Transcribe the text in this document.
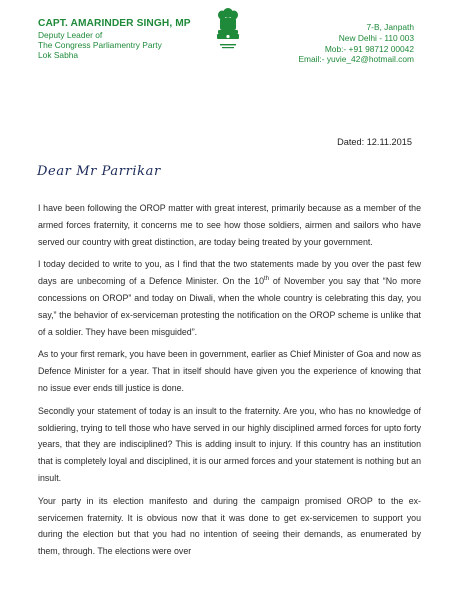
CAPT. AMARINDER SINGH, MP
Deputy Leader of
The Congress Parliamentry Party
Lok Sabha
7-B, Janpath
New Delhi - 110 003
Mob:- +91 98712 00042
Email:- yuvie_42@hotmail.com
Dated: 12.11.2015
Dear Mr Parrikar

I have been following the OROP matter with great interest, primarily because as a member of the armed forces fraternity, it concerns me to see how those soldiers, airmen and sailors who have served our country with great distinction, are today being treated by your government.

I today decided to write to you, as I find that the two statements made by you over the past few days are unbecoming of a Defence Minister. On the 10th of November you say that “No more concessions on OROP” and today on Diwali, when the whole country is celebrating this day, you say,” the behavior of ex-serviceman protesting the notification on the OROP scheme is unlike that of a soldier. They have been misguided”.

As to your first remark, you have been in government, earlier as Chief Minister of Goa and now as Defence Minister for a year. That in itself should have given you the experience of knowing that no issue ever ends till justice is done.

Secondly your statement of today is an insult to the fraternity. Are you, who has no knowledge of soldiering, trying to tell those who have served in our highly disciplined armed forces for upto forty years, that they are indisciplined? This is adding insult to injury. If this country has an institution that is completely loyal and disciplined, it is our armed forces and your statement is nothing but an insult.

Your party in its election manifesto and during the campaign promised OROP to the ex-servicemen fraternity. It is obvious now that it was done to get ex-servicemen to support you during the election but that you had no intention of seeing their demands, as enumerated by them, through. The elections were over
